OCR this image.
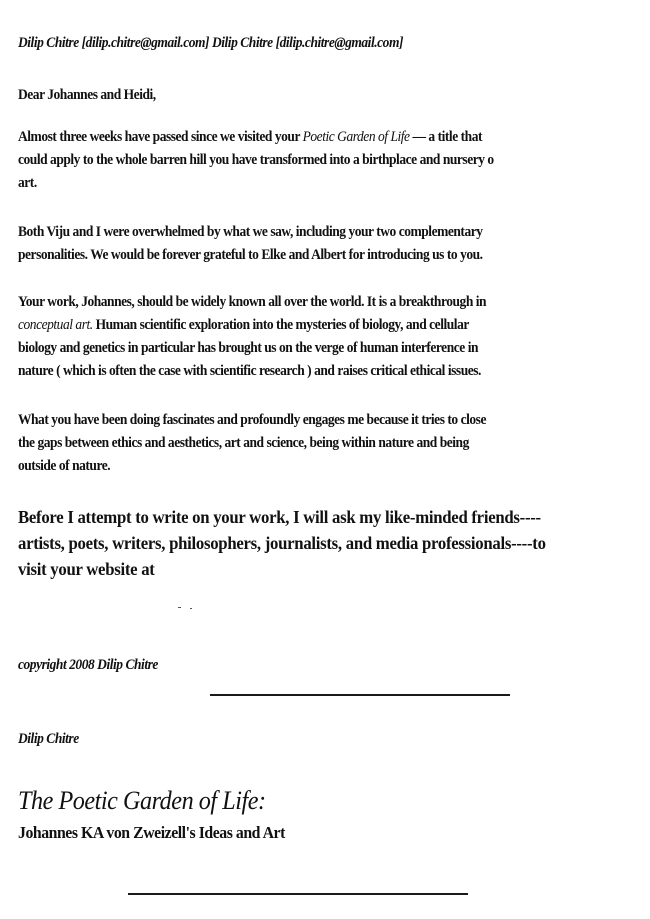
Dilip Chitre [dilip.chitre@gmail.com] Dilip Chitre [dilip.chitre@gmail.com]
Dear Johannes and Heidi,
Almost three weeks have passed since we visited your Poetic Garden of Life — a title that
could apply to the whole barren hill you have transformed into a birthplace and nursery o
art.
Both Viju and I were overwhelmed by what we saw, including your two complementary
personalities. We would be forever grateful to Elke and Albert for introducing us to you.
Your work, Johannes, should be widely known all over the world. It is a breakthrough in
conceptual art. Human scientific exploration into the mysteries of biology, and cellular
biology and genetics in particular has brought us on the verge of human interference in
nature ( which is often the case with scientific research ) and raises critical ethical issues.
What you have been doing fascinates and profoundly engages me because it tries to close
the gaps between ethics and aesthetics, art and science, being within nature and being
outside of nature.
Before I attempt to write on your work, I will ask my like-minded friends----
artists, poets, writers, philosophers, journalists, and media professionals----to
visit your website at
copyright 2008 Dilip Chitre
Dilip Chitre
The Poetic Garden of Life:
Johannes KA von Zweizell's Ideas and Art
